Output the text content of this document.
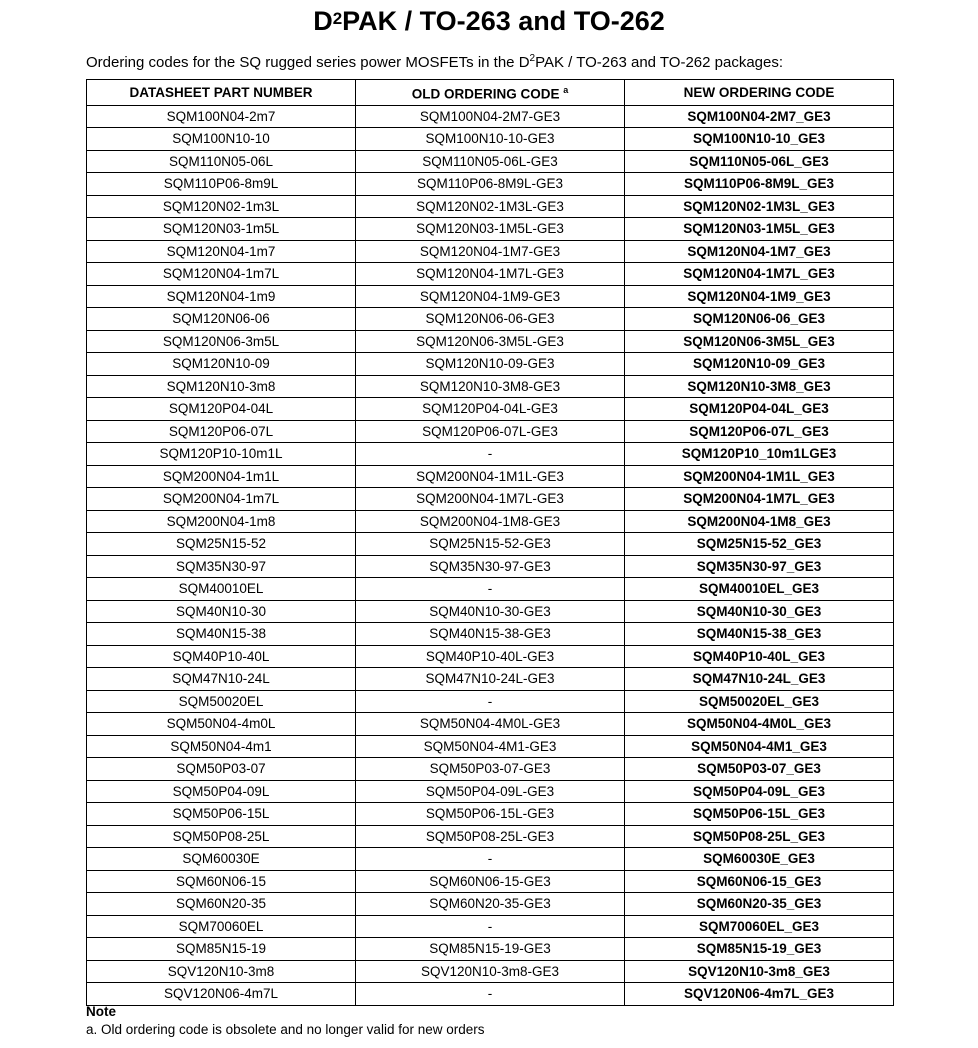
$D^2PAK / TO-263$ and TO-262
Ordering codes for the SQ rugged series power MOSFETs in the $D^2PAK / TO-263$ and TO-262 packages:
DATASHEET PART NUMBER	OLD ORDERING CODE $^a$	NEW ORDERING CODE
SQM100N04-2m7	SQM100N04-2M7-GE3	SQM100N04-2M7_GE3
SQM100N10-10	SQM100N10-10-GE3	SQM100N10-10_GE3
SQM110N05-06L	SQM110N05-06L-GE3	SQM110N05-06L_GE3
SQM110P06-8m9L	SQM110P06-8M9L-GE3	SQM110P06-8M9L_GE3
SQM120N02-1m3L	SQM120N02-1M3L-GE3	SQM120N02-1M3L_GE3
SQM120N03-1m5L	SQM120N03-1M5L-GE3	SQM120N03-1M5L_GE3
SQM120N04-1m7	SQM120N04-1M7-GE3	SQM120N04-1M7_GE3
SQM120N04-1m7L	SQM120N04-1M7L-GE3	SQM120N04-1M7L_GE3
SQM120N04-1m9	SQM120N04-1M9-GE3	SQM120N04-1M9_GE3
SQM120N06-06	SQM120N06-06-GE3	SQM120N06-06_GE3
SQM120N06-3m5L	SQM120N06-3M5L-GE3	SQM120N06-3M5L_GE3
SQM120N10-09	SQM120N10-09-GE3	SQM120N10-09_GE3
SQM120N10-3m8	SQM120N10-3M8-GE3	SQM120N10-3M8_GE3
SQM120P04-04L	SQM120P04-04L-GE3	SQM120P04-04L_GE3
SQM120P06-07L	SQM120P06-07L-GE3	SQM120P06-07L_GE3
SQM120P10-10m1L	-	SQM120P10_10m1LGE3
SQM200N04-1m1L	SQM200N04-1M1L-GE3	SQM200N04-1M1L_GE3
SQM200N04-1m7L	SQM200N04-1M7L-GE3	SQM200N04-1M7L_GE3
SQM200N04-1m8	SQM200N04-1M8-GE3	SQM200N04-1M8_GE3
SQM25N15-52	SQM25N15-52-GE3	SQM25N15-52_GE3
SQM35N30-97	SQM35N30-97-GE3	SQM35N30-97_GE3
SQM40010EL	-	SQM40010EL_GE3
SQM40N10-30	SQM40N10-30-GE3	SQM40N10-30_GE3
SQM40N15-38	SQM40N15-38-GE3	SQM40N15-38_GE3
SQM40P10-40L	SQM40P10-40L-GE3	SQM40P10-40L_GE3
SQM47N10-24L	SQM47N10-24L-GE3	SQM47N10-24L_GE3
SQM50020EL	-	SQM50020EL_GE3
SQM50N04-4m0L	SQM50N04-4M0L-GE3	SQM50N04-4M0L_GE3
SQM50N04-4m1	SQM50N04-4M1-GE3	SQM50N04-4M1_GE3
SQM50P03-07	SQM50P03-07-GE3	SQM50P03-07_GE3
SQM50P04-09L	SQM50P04-09L-GE3	SQM50P04-09L_GE3
SQM50P06-15L	SQM50P06-15L-GE3	SQM50P06-15L_GE3
SQM50P08-25L	SQM50P08-25L-GE3	SQM50P08-25L_GE3
SQM60030E	-	SQM60030E_GE3
SQM60N06-15	SQM60N06-15-GE3	SQM60N06-15_GE3
SQM60N20-35	SQM60N20-35-GE3	SQM60N20-35_GE3
SQM70060EL	-	SQM70060EL_GE3
SQM85N15-19	SQM85N15-19-GE3	SQM85N15-19_GE3
SQV120N10-3m8	SQV120N10-3m8-GE3	SQV120N10-3m8_GE3
SQV120N06-4m7L	-	SQV120N06-4m7L_GE3
Note
a. Old ordering code is obsolete and no longer valid for new orders
